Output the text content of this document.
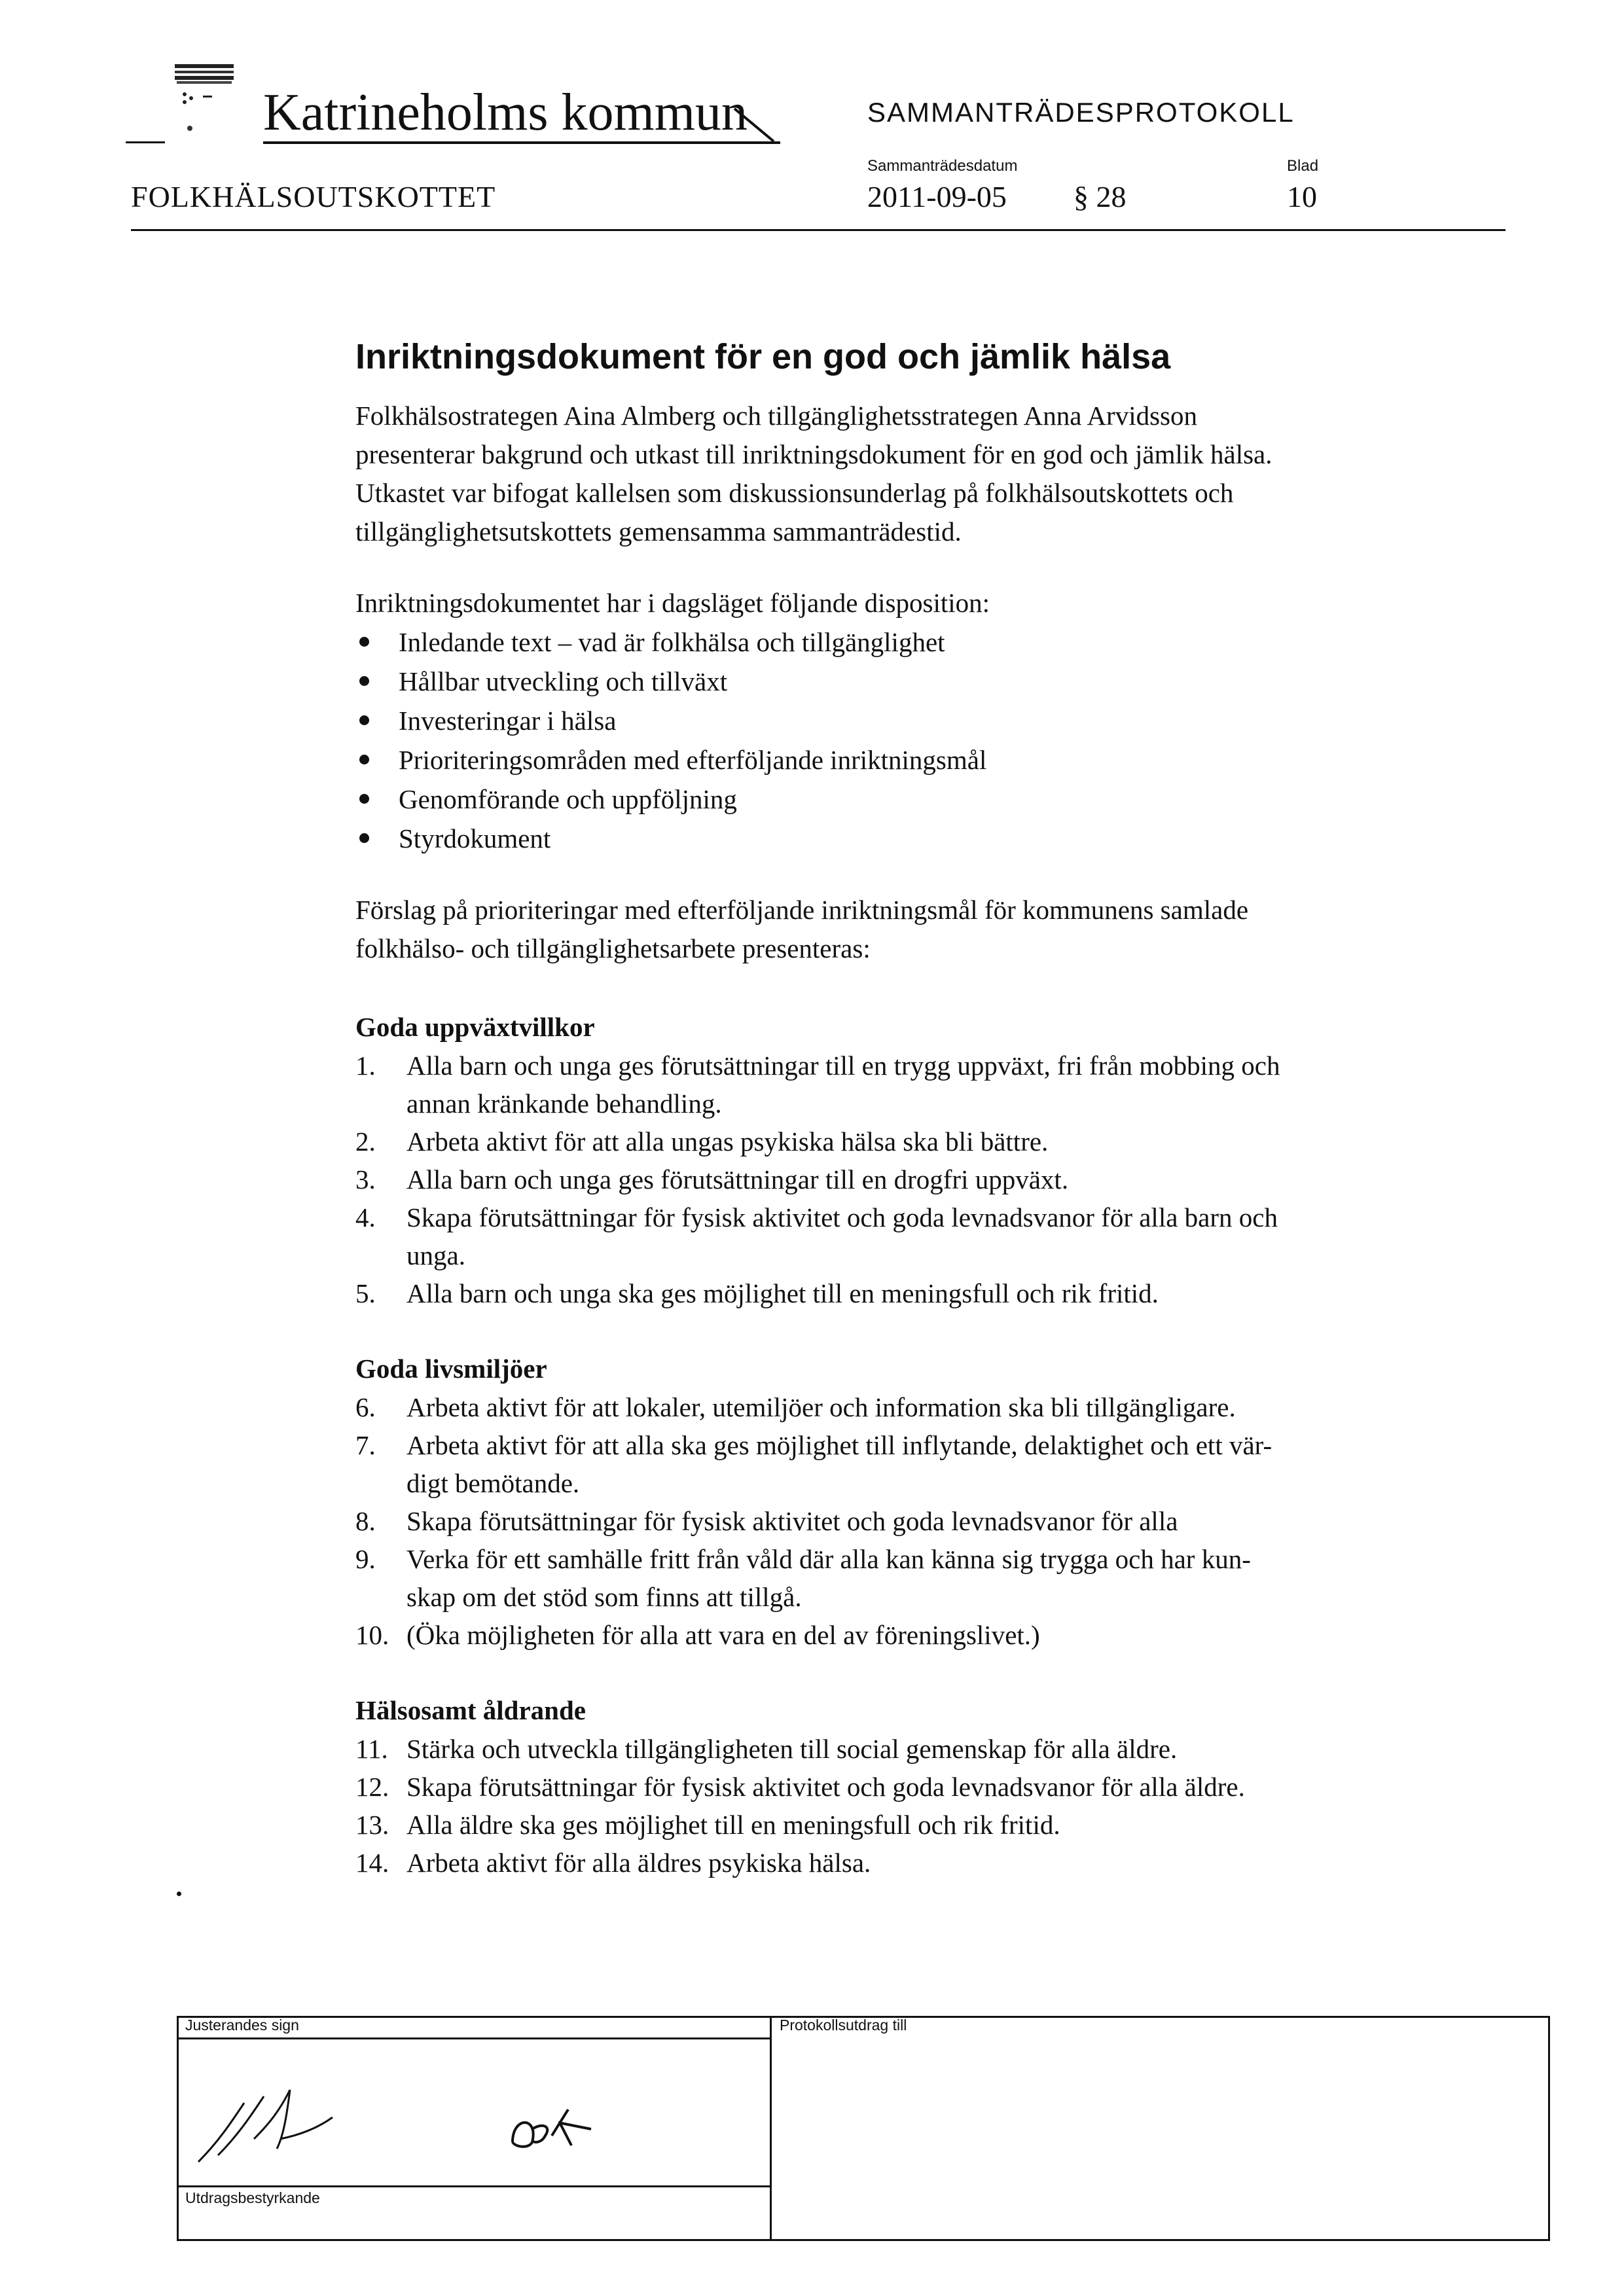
Katrineholms kommun	SAMMANTRÄDESPROTOKOLL
Sammanträdesdatum	Blad
FOLKHÄLSOUTSKOTTET	2011-09-05 § 28	10
Inriktningsdokument för en god och jämlik hälsa

Folkhälsostrategen Aina Almberg och tillgänglighetsstrategen Anna Arvidsson

presenterar bakgrund och utkast till inriktningsdokument för en god och jämlik hälsa.

Utkastet var bifogat kallelsen som diskussionsunderlag på folkhälsoutskottets och

tillgänglighetsutskottets gemensamma sammanträdestid.

Inriktningsdokumentet har i dagsläget följande disposition:

Inledande text – vad är folkhälsa och tillgänglighet
Hållbar utveckling och tillväxt
Investeringar i hälsa
Prioriteringsområden med efterföljande inriktningsmål
Genomförande och uppföljning
Styrdokument

Förslag på prioriteringar med efterföljande inriktningsmål för kommunens samlade

folkhälso- och tillgänglighetsarbete presenteras:

Goda uppväxtvillkor

1. Alla barn och unga ges förutsättningar till en trygg uppväxt, fri från mobbing och
annan kränkande behandling.
2. Arbeta aktivt för att alla ungas psykiska hälsa ska bli bättre.
3. Alla barn och unga ges förutsättningar till en drogfri uppväxt.
4. Skapa förutsättningar för fysisk aktivitet och goda levnadsvanor för alla barn och
unga.
5. Alla barn och unga ska ges möjlighet till en meningsfull och rik fritid.

Goda livsmiljöer

6. Arbeta aktivt för att lokaler, utemiljöer och information ska bli tillgängligare.
7. Arbeta aktivt för att alla ska ges möjlighet till inflytande, delaktighet och ett vär-
digt bemötande.
8. Skapa förutsättningar för fysisk aktivitet och goda levnadsvanor för alla
9. Verka för ett samhälle fritt från våld där alla kan känna sig trygga och har kun-
skap om det stöd som finns att tillgå.
10. (Öka möjligheten för alla att vara en del av föreningslivet.)

Hälsosamt åldrande

11. Stärka och utveckla tillgängligheten till social gemenskap för alla äldre.
12. Skapa förutsättningar för fysisk aktivitet och goda levnadsvanor för alla äldre.
13. Alla äldre ska ges möjlighet till en meningsfull och rik fritid.
14. Arbeta aktivt för alla äldres psykiska hälsa.
Justerandes sign
Utdragsbestyrkande
Protokollsutdrag till
